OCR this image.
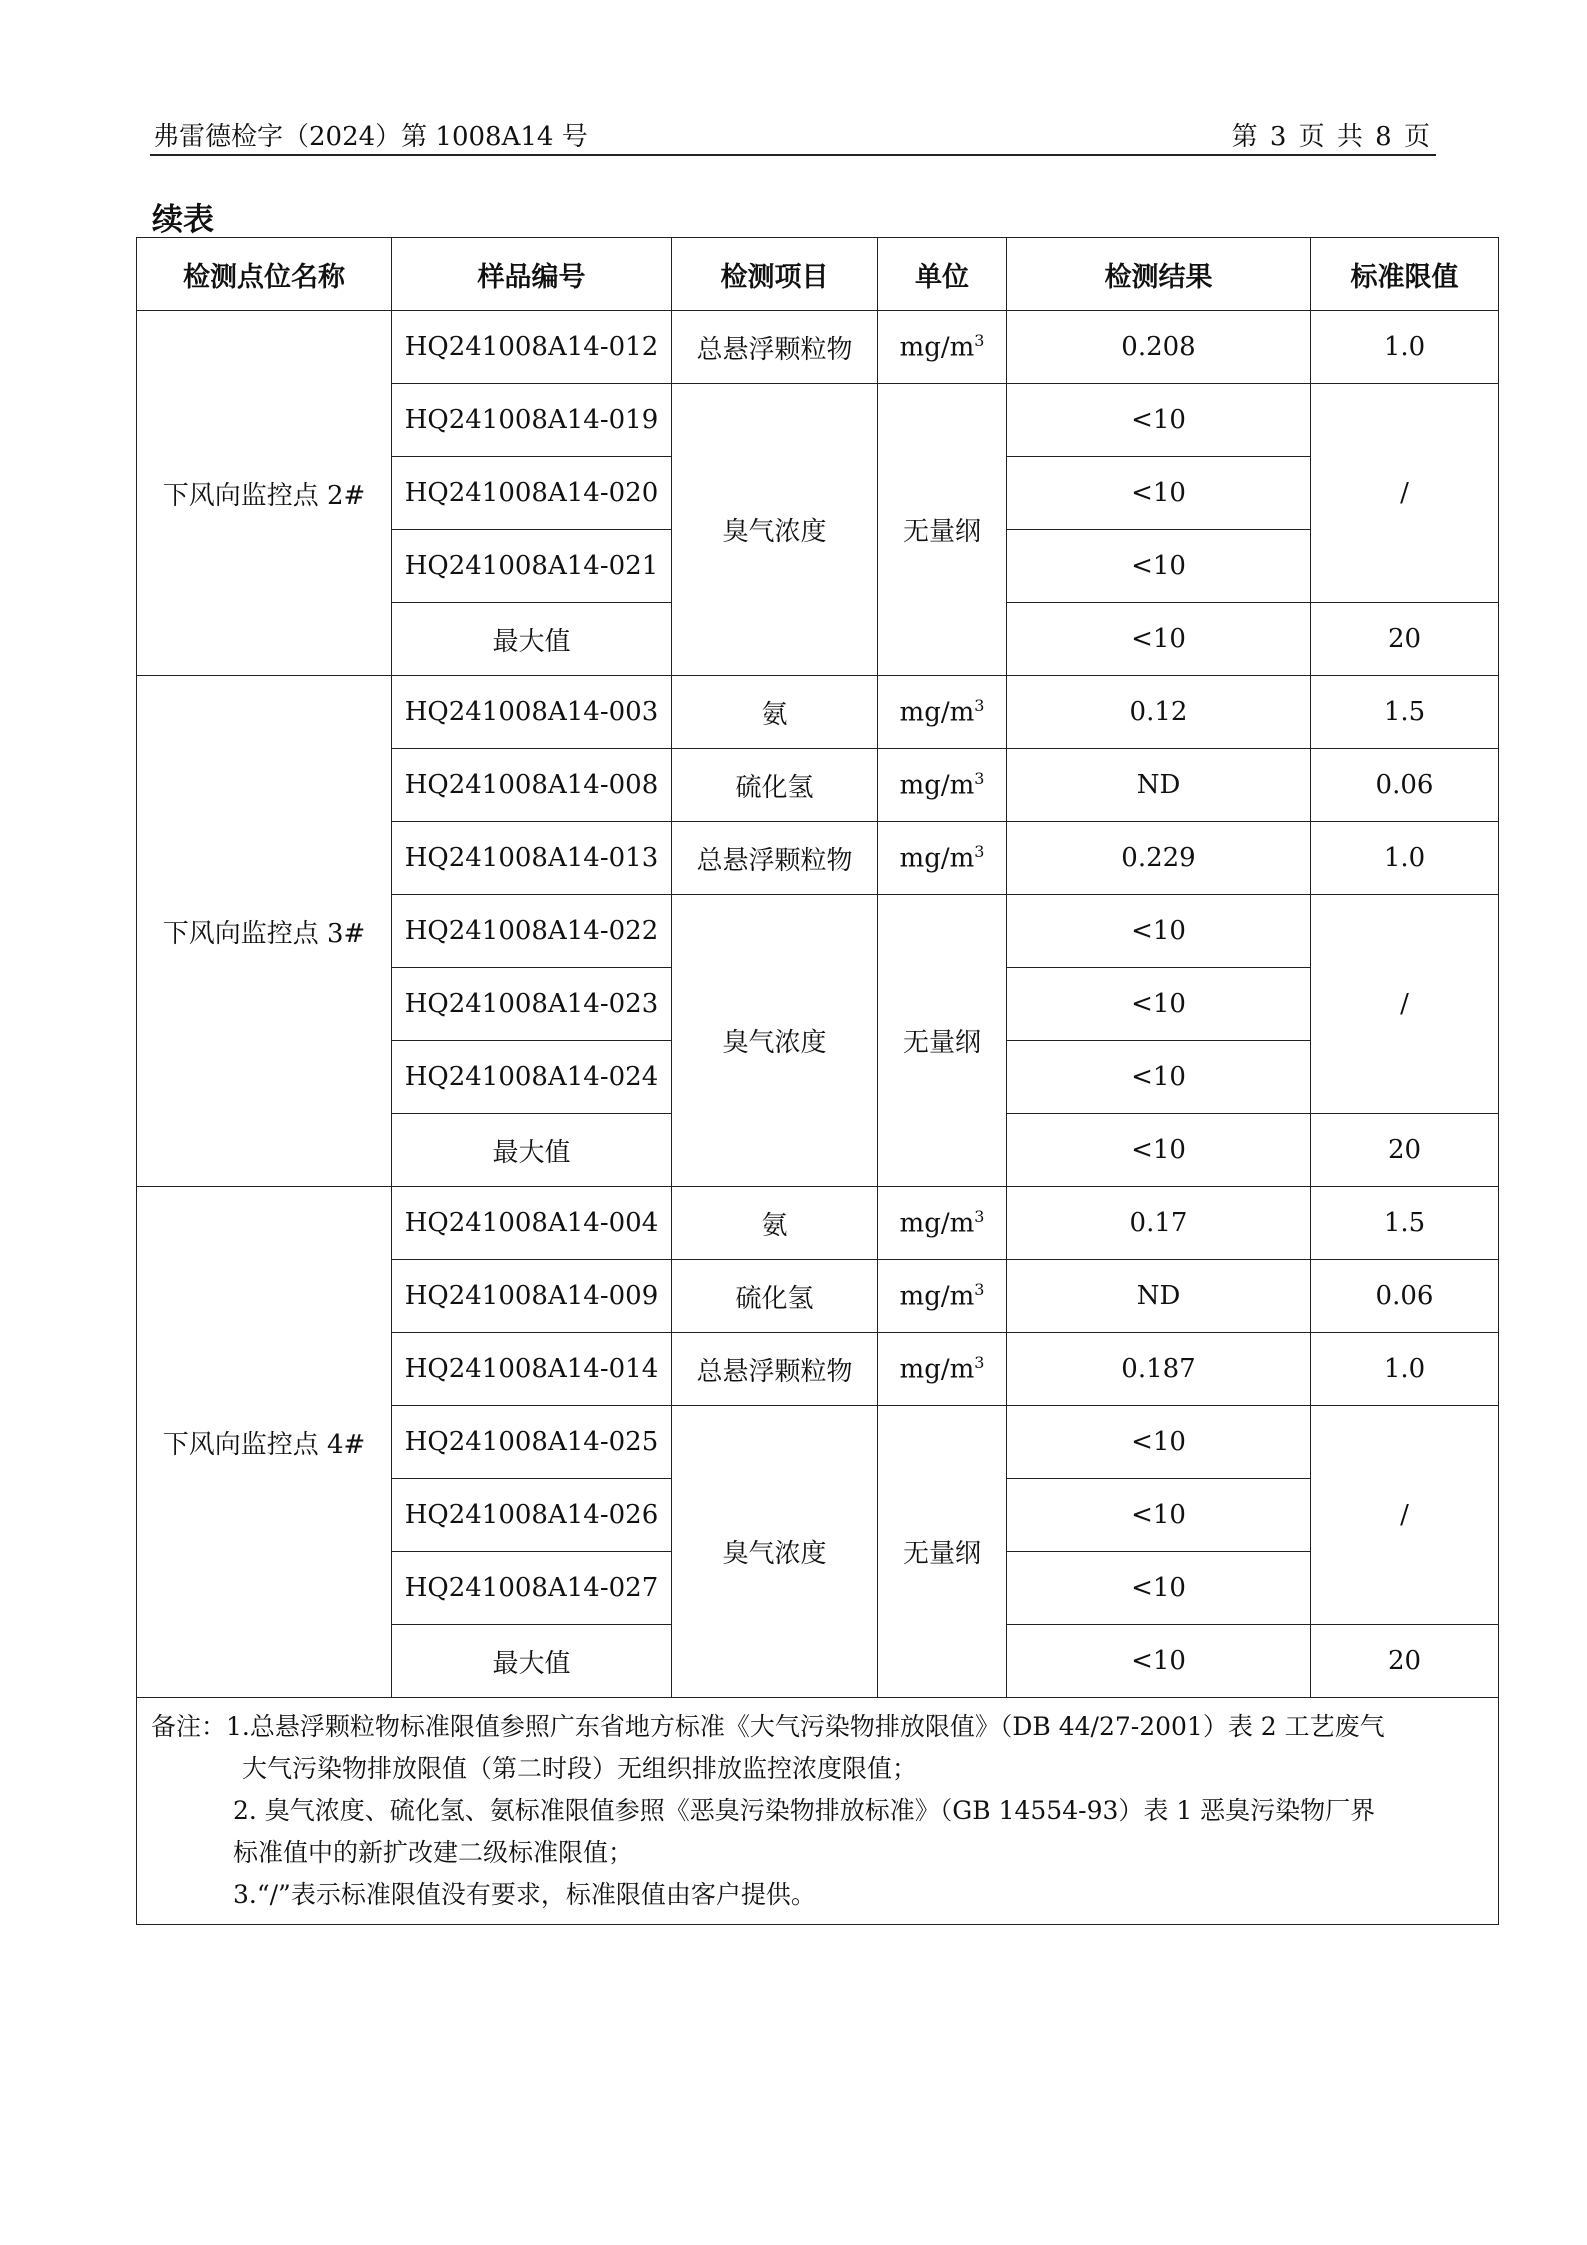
弗雷德检字（2024）第 1008A14 号	第 3 页 共 8 页
续表
检测点位名称	样品编号	检测项目	单位	检测结果	标准限值
下风向监控点 2#	HQ241008A14-012	总悬浮颗粒物	$mg/m^3$	0.208	1.0
	HQ241008A14-019	臭气浓度	无量纲	<10	/
	HQ241008A14-020			<10	
	HQ241008A14-021			<10	
	最大值			<10	20
下风向监控点 3#	HQ241008A14-003	氨	$mg/m^3$	0.12	1.5
	HQ241008A14-008	硫化氢	$mg/m^3$	ND	0.06
	HQ241008A14-013	总悬浮颗粒物	$mg/m^3$	0.229	1.0
	HQ241008A14-022	臭气浓度	无量纲	<10	/
	HQ241008A14-023			<10	
	HQ241008A14-024			<10	
	最大值			<10	20
下风向监控点 4#	HQ241008A14-004	氨	$mg/m^3$	0.17	1.5
	HQ241008A14-009	硫化氢	$mg/m^3$	ND	0.06
	HQ241008A14-014	总悬浮颗粒物	$mg/m^3$	0.187	1.0
	HQ241008A14-025	臭气浓度	无量纲	<10	/
	HQ241008A14-026			<10	
	HQ241008A14-027			<10	
	最大值			<10	20

备注：1.总悬浮颗粒物标准限值参照广东省地方标准《大气污染物排放限值》（DB 44/27-2001）表 2 工艺废气
大气污染物排放限值（第二时段）无组织排放监控浓度限值；
2. 臭气浓度、硫化氢、氨标准限值参照《恶臭污染物排放标准》（GB 14554-93）表 1 恶臭污染物厂界
标准值中的新扩改建二级标准限值；
3.“/”表示标准限值没有要求，标准限值由客户提供。					
